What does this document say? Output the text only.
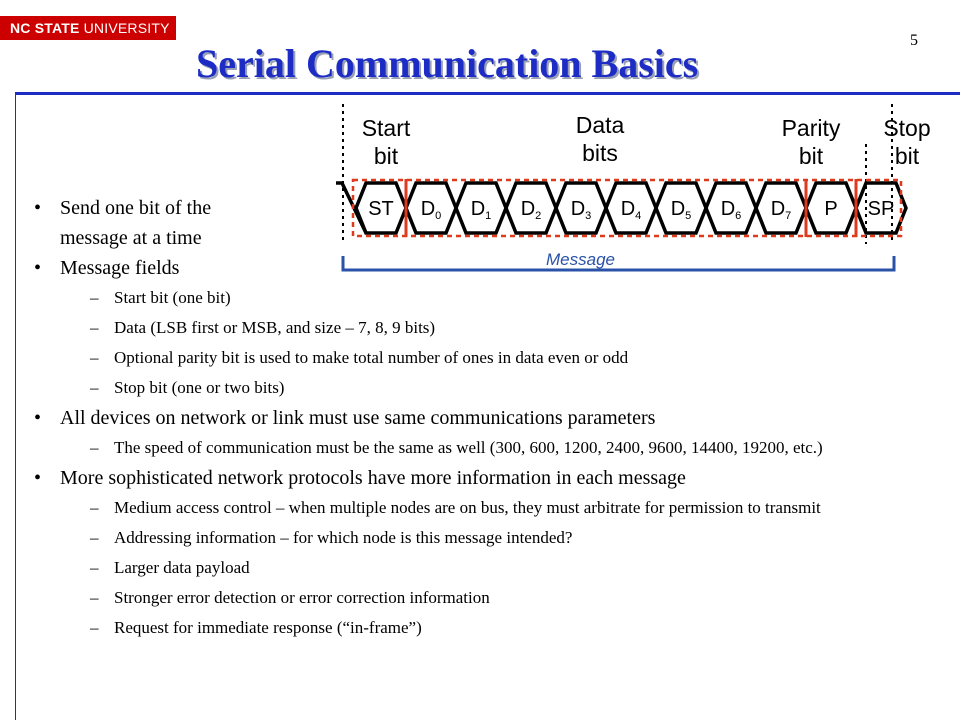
NC STATE UNIVERSITY
5
Serial Communication Basics
Start
bit
Data
bits
Parity
bit
Stop
bit
ST	$D_0$	$D_1$	$D_2$	$D_3$	$D_4$	$D_5$	$D_6$	$D_7$	P	SP
Message
• Send one bit of the message at a time
• Message fields
– Start bit (one bit)
– Data (LSB first or MSB, and size – 7, 8, 9 bits)
– Optional parity bit is used to make total number of ones in data even or odd
– Stop bit (one or two bits)
• All devices on network or link must use same communications parameters
– The speed of communication must be the same as well (300, 600, 1200, 2400, 9600, 14400, 19200, etc.)
• More sophisticated network protocols have more information in each message
– Medium access control – when multiple nodes are on bus, they must arbitrate for permission to transmit
– Addressing information – for which node is this message intended?
– Larger data payload
– Stronger error detection or error correction information
– Request for immediate response (“in-frame”)
